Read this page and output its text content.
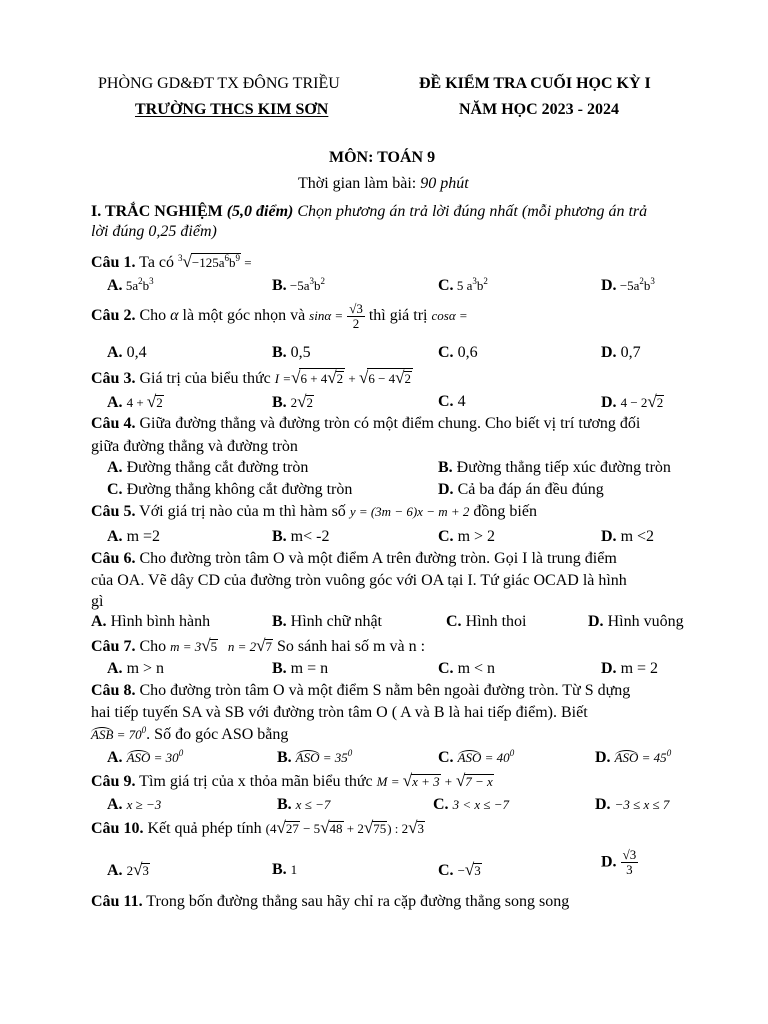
PHÒNG GD&ĐT TX ĐÔNG TRIỀU
TRƯỜNG THCS KIM SƠN
ĐỀ KIỂM TRA CUỐI HỌC KỲ I
NĂM HỌC 2023 - 2024
MÔN: TOÁN 9
Thời gian làm bài: 90 phút
I. TRẮC NGHIỆM (5,0 điểm) Chọn phương án trả lời đúng nhất (mỗi phương án trả
lời đúng 0,25 điểm)
Câu 1. Ta có $^3√-125a^6b^9$ =
A. $5a^2b^3$	B. $-5a^3b^2$	C. 5 $a^3b^2$	D. $-5a^2b^3$
Câu 2. Cho α là một góc nhọn và $\sin\alpha = \frac{√3}{2}$ thì giá trị cosα =
A. 0,4	B. 0,5	C. 0,6	D. 0,7
Câu 3. Giá trị của biểu thức I =√6 + 4√2 + √6 − 4√2
A. 4 + √2	B. 2√2	C. 4	D. 4 − 2√2
Câu 4. Giữa đường thẳng và đường tròn có một điểm chung. Cho biết vị trí tương đối
giữa đường thẳng và đường tròn
A. Đường thẳng cắt đường tròn	B. Đường thẳng tiếp xúc đường tròn
C. Đường thẳng không cắt đường tròn	D. Cả ba đáp án đều đúng
Câu 5. Với giá trị nào của m thì hàm số y = (3m − 6)x − m + 2 đồng biến
A. m =2	B. m< -2	C. m > 2	D. m <2
Câu 6. Cho đường tròn tâm O và một điểm A trên đường tròn. Gọi I là trung điểm
của OA. Vẽ dây CD của đường tròn vuông góc với OA tại I. Tứ giác OCAD là hình
gì
A. Hình bình hành	B. Hình chữ nhật	C. Hình thoi	D. Hình vuông
Câu 7. Cho m = 3√5 n = 2√7 So sánh hai số m và n :
A. m > n	B. m = n	C. m < n	D. m = 2
Câu 8. Cho đường tròn tâm O và một điểm S nằm bên ngoài đường tròn. Từ S dựng
hai tiếp tuyến SA và SB với đường tròn tâm O ( A và B là hai tiếp điểm). Biết
ASB = $70^0$. Số đo góc ASO bằng
A. ASO = $30^0$	B. ASO = $35^0$	C. ASO = $40^0$	D. ASO = $45^0$
Câu 9. Tìm giá trị của x thỏa mãn biểu thức M = √x + 3 + √7 − x
A. x ≥ −3	B. x ≤ −7	C. 3 < x ≤ −7	D. −3 ≤ x ≤ 7
Câu 10. Kết quả phép tính (4√27 − 5√48 + 2√75) : 2√3
A. 2√3	B. 1	C. −√3	D. $\frac{√3}{3}$
Câu 11. Trong bốn đường thẳng sau hãy chỉ ra cặp đường thẳng song song
